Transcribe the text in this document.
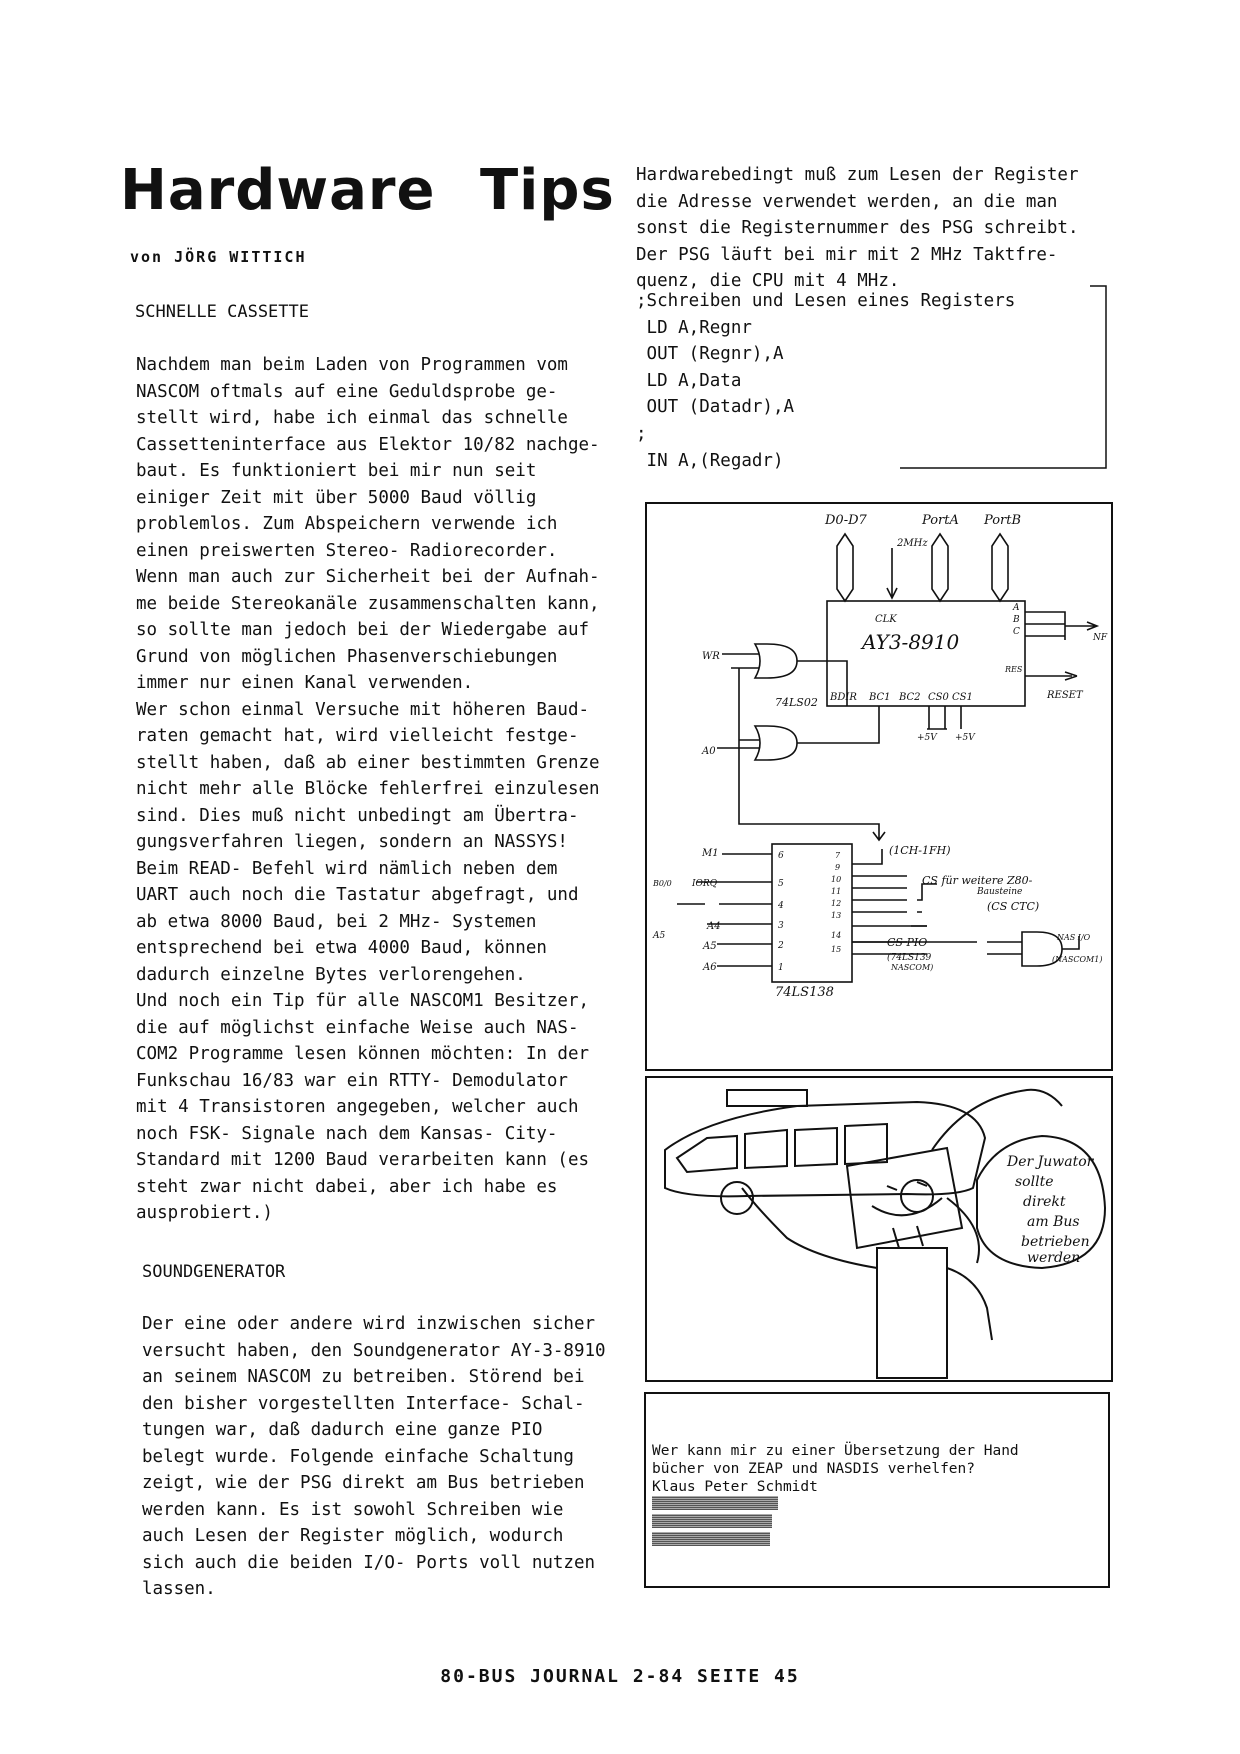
Hardware Tips
von JÖRG WITTICH
SCHNELLE CASSETTE

Nachdem man beim Laden von Programmen vom
NASCOM oftmals auf eine Geduldsprobe ge-
stellt wird, habe ich einmal das schnelle
Cassetteninterface aus Elektor 10/82 nachge-
baut. Es funktioniert bei mir nun seit
einiger Zeit mit über 5000 Baud völlig
problemlos. Zum Abspeichern verwende ich
einen preiswerten Stereo- Radiorecorder.
Wenn man auch zur Sicherheit bei der Aufnah-
me beide Stereokanäle zusammenschalten kann,
so sollte man jedoch bei der Wiedergabe auf
Grund von möglichen Phasenverschiebungen
immer nur einen Kanal verwenden.
Wer schon einmal Versuche mit höheren Baud-
raten gemacht hat, wird vielleicht festge-
stellt haben, daß ab einer bestimmten Grenze
nicht mehr alle Blöcke fehlerfrei einzulesen
sind. Dies muß nicht unbedingt am Übertra-
gungsverfahren liegen, sondern an NASSYS!
Beim READ- Befehl wird nämlich neben dem
UART auch noch die Tastatur abgefragt, und
ab etwa 8000 Baud, bei 2 MHz- Systemen
entsprechend bei etwa 4000 Baud, können
dadurch einzelne Bytes verlorengehen.
Und noch ein Tip für alle NASCOM1 Besitzer,
die auf möglichst einfache Weise auch NAS-
COM2 Programme lesen können möchten: In der
Funkschau 16/83 war ein RTTY- Demodulator
mit 4 Transistoren angegeben, welcher auch
noch FSK- Signale nach dem Kansas- City-
Standard mit 1200 Baud verarbeiten kann (es
steht zwar nicht dabei, aber ich habe es
ausprobiert.)

SOUNDGENERATOR

Der eine oder andere wird inzwischen sicher
versucht haben, den Soundgenerator AY-3-8910
an seinem NASCOM zu betreiben. Störend bei
den bisher vorgestellten Interface- Schal-
tungen war, daß dadurch eine ganze PIO
belegt wurde. Folgende einfache Schaltung
zeigt, wie der PSG direkt am Bus betrieben
werden kann. Es ist sowohl Schreiben wie
auch Lesen der Register möglich, wodurch
sich auch die beiden I/O- Ports voll nutzen
lassen.

Hardwarebedingt muß zum Lesen der Register
die Adresse verwendet werden, an die man
sonst die Registernummer des PSG schreibt.
Der PSG läuft bei mir mit 2 MHz Taktfre-
quenz, die CPU mit 4 MHz.

;Schreiben und Lesen eines Registers
LD A,Regnr
OUT (Regnr),A
LD A,Data
OUT (Datadr),A
;
IN A,(Regadr)
D0-D7	PortA PortB
2MHz
CLK
AY3-8910
BDIR BC1 BC2 CS0 CS1
A
B
C
RES
NF
RESET
+5V +5V
74LS02
WR
A0
M1
IORQ
A4
A5
A6
B0/0
A5
6
5
4
3
2
1
7
9
10
11
12
13
14
15
74LS138
(1CH-1FH)
CS für weitere Z80-
Bausteine
(CS CTC)
CS PIO
(74LS139
NASCOM)
NAS I/O
(NASCOM1)
Der Juwator
sollte
direkt
am Bus
betrieben
werden
Wer kann mir zu einer Übersetzung der Hand
bücher von ZEAP und NASDIS verhelfen?
Klaus Peter Schmidt
80-BUS JOURNAL 2-84 SEITE 45
